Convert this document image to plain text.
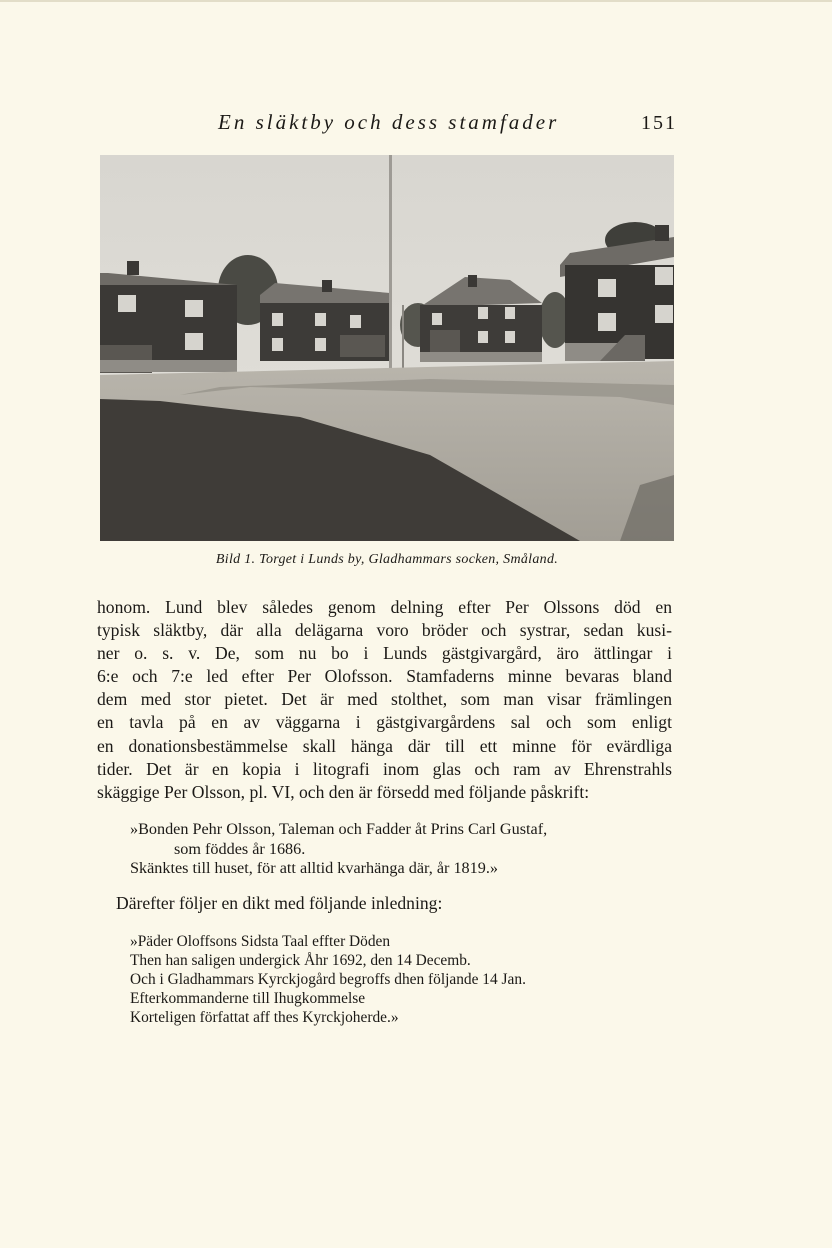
En släktby och dess stamfader	151
Bild 1. Torget i Lunds by, Gladhammars socken, Småland.
honom. Lund blev således genom delning efter Per Olssons död en
typisk släktby, där alla delägarna voro bröder och systrar, sedan kusi-
ner o. s. v. De, som nu bo i Lunds gästgivargård, äro ättlingar i
6:e och 7:e led efter Per Olofsson. Stamfaderns minne bevaras bland
dem med stor pietet. Det är med stolthet, som man visar främlingen
en tavla på en av väggarna i gästgivargårdens sal och som enligt
en donationsbestämmelse skall hänga där till ett minne för evärdliga
tider. Det är en kopia i litografi inom glas och ram av Ehrenstrahls
skäggige Per Olsson, pl. VI, och den är försedd med följande påskrift:
»Bonden Pehr Olsson, Taleman och Fadder åt Prins Carl Gustaf,
som föddes år 1686.
Skänktes till huset, för att alltid kvarhänga där, år 1819.»
Därefter följer en dikt med följande inledning:
»Päder Oloffsons Sidsta Taal effter Döden
Then han saligen undergick Åhr 1692, den 14 Decemb.
Och i Gladhammars Kyrckjogård begroffs dhen följande 14 Jan.
Efterkommanderne till Ihugkommelse
Korteligen författat aff thes Kyrckjoherde.»
